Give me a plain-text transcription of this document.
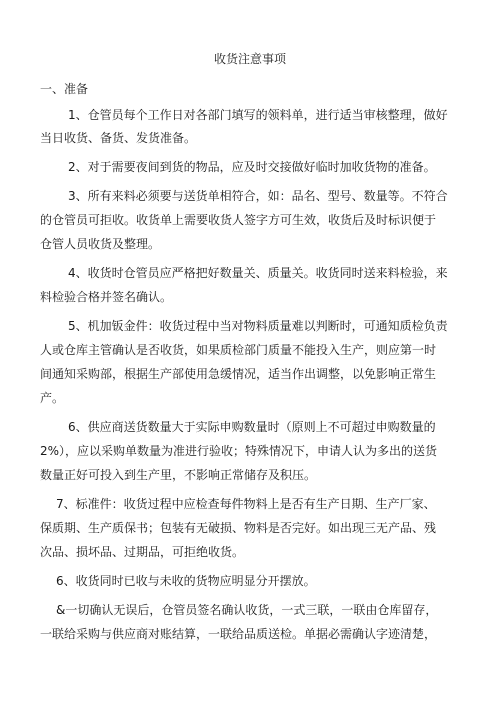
收货注意事项
一、准备
1、仓管员每个工作日对各部门填写的领料单，进行适当审核整理，做好
当日收货、备货、发货准备。
2、对于需要夜间到货的物品，应及时交接做好临时加收货物的准备。
3、所有来料必须要与送货单相符合，如：品名、型号、数量等。不符合
的仓管员可拒收。收货单上需要收货人签字方可生效，收货后及时标识便于
仓管人员收货及整理。
4、收货时仓管员应严格把好数量关、质量关。收货同时送来料检验，来
料检验合格并签名确认。
5、机加钣金件：收货过程中当对物料质量难以判断时，可通知质检负责
人或仓库主管确认是否收货，如果质检部门质量不能投入生产，则应第一时
间通知采购部，根据生产部使用急缓情况，适当作出调整，以免影响正常生
产。
6、供应商送货数量大于实际申购数量时（原则上不可超过申购数量的
2%），应以采购单数量为准进行验收；特殊情况下，申请人认为多出的送货
数量正好可投入到生产里，不影响正常储存及积压。
7、标准件：收货过程中应检查每件物料上是否有生产日期、生产厂家、
保质期、生产质保书；包装有无破损、物料是否完好。如出现三无产品、残
次品、损坏品、过期品，可拒绝收货。
6、收货同时已收与未收的货物应明显分开摆放。
&一切确认无误后，仓管员签名确认收货，一式三联，一联由仓库留存，
一联给采购与供应商对账结算，一联给品质送检。单据必需确认字迹清楚，
